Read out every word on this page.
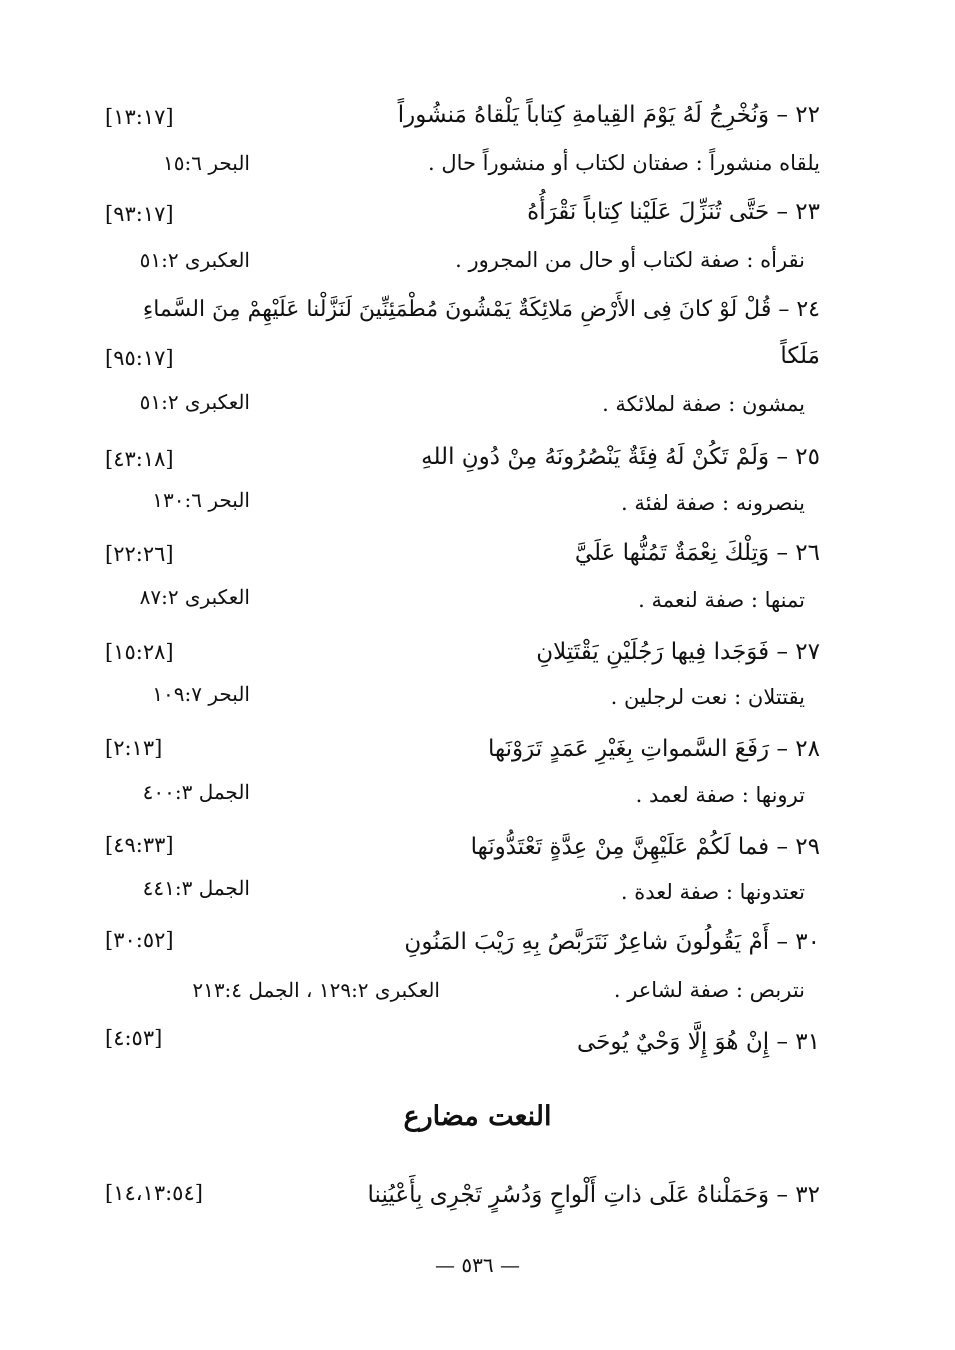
٢٢ – وَنُخْرِجُ لَهُ يَوْمَ القِيامةِ كِتاباً يَلْقاهُ مَنشُوراً
[١٣:١٧]
يلقاه منشوراً : صفتان لكتاب أو منشوراً حال .
البحر ١٥:٦
٢٣ – حَتَّى تُنَزِّلَ عَلَيْنا كِتاباً نَقْرَأُهُ
[٩٣:١٧]
نقرأه : صفة لكتاب أو حال من المجرور .
العكبرى ٥١:٢
٢٤ – قُلْ لَوْ كانَ فِى الأَرْضِ مَلائِكَةٌ يَمْشُونَ مُطْمَئِنِّينَ لَنَزَّلْنا عَلَيْهِمْ مِنَ السَّماءِ
مَلَكاً
[٩٥:١٧]
يمشون : صفة لملائكة .
العكبرى ٥١:٢
٢٥ – وَلَمْ تَكُنْ لَهُ فِئَةٌ يَنْصُرُونَهُ مِنْ دُونِ اللهِ
[٤٣:١٨]
ينصرونه : صفة لفئة .
البحر ١٣٠:٦
٢٦ – وَتِلْكَ نِعْمَةٌ تَمُنُّها عَلَيَّ
[٢٢:٢٦]
تمنها : صفة لنعمة .
العكبرى ٨٧:٢
٢٧ – فَوَجَدا فِيها رَجُلَيْنِ يَقْتَتِلانِ
[١٥:٢٨]
يقتتلان : نعت لرجلين .
البحر ١٠٩:٧
٢٨ – رَفَعَ السَّمواتِ بِغَيْرِ عَمَدٍ تَرَوْنَها
[٢:١٣]
ترونها : صفة لعمد .
الجمل ٤٠٠:٣
٢٩ – فما لَكُمْ عَلَيْهِنَّ مِنْ عِدَّةٍ تَعْتَدُّونَها
[٤٩:٣٣]
تعتدونها : صفة لعدة .
الجمل ٤٤١:٣
٣٠ – أَمْ يَقُولُونَ شاعِرٌ نَتَرَبَّصُ بِهِ رَيْبَ المَنُونِ
[٣٠:٥٢]
نتربص : صفة لشاعر .
العكبرى ١٢٩:٢ ، الجمل ٢١٣:٤
٣١ – إِنْ هُوَ إِلَّا وَحْيٌ يُوحَى
[٤:٥٣]
النعت مضارع
٣٢ – وَحَمَلْناهُ عَلَى ذاتِ أَلْواحٍ وَدُسُرٍ تَجْرِى بِأَعْيُنِنا
[١٤،١٣:٥٤]
— ٥٣٦ —
